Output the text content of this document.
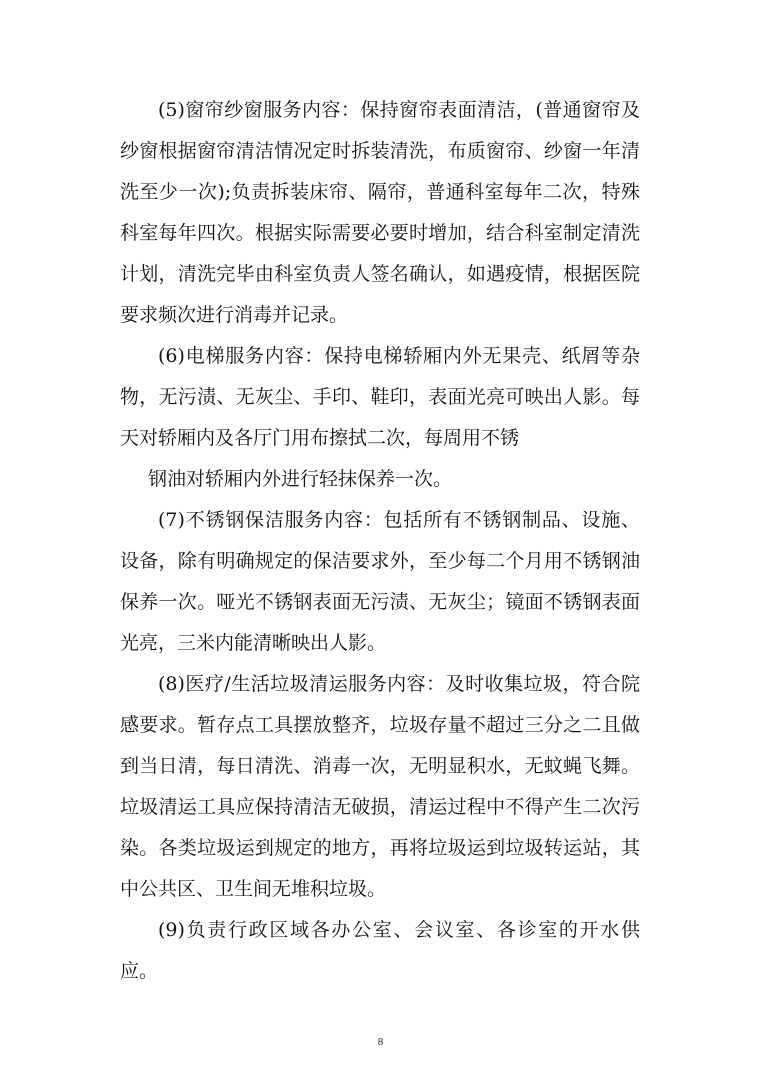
(5)窗帘纱窗服务内容：保持窗帘表面清洁，(普通窗帘及纱窗根据窗帘清洁情况定时拆装清洗，布质窗帘、纱窗一年清洗至少一次);负责拆装床帘、隔帘，普通科室每年二次，特殊科室每年四次。根据实际需要必要时增加，结合科室制定清洗计划，清洗完毕由科室负责人签名确认，如遇疫情，根据医院要求频次进行消毒并记录。

(6)电梯服务内容：保持电梯轿厢内外无果壳、纸屑等杂物，无污渍、无灰尘、手印、鞋印，表面光亮可映出人影。每天对轿厢内及各厅门用布擦拭二次，每周用不锈

钢油对轿厢内外进行轻抹保养一次。

(7)不锈钢保洁服务内容：包括所有不锈钢制品、设施、设备，除有明确规定的保洁要求外，至少每二个月用不锈钢油保养一次。哑光不锈钢表面无污渍、无灰尘；镜面不锈钢表面光亮，三米内能清晰映出人影。

(8)医疗/生活垃圾清运服务内容：及时收集垃圾，符合院感要求。暂存点工具摆放整齐，垃圾存量不超过三分之二且做到当日清，每日清洗、消毒一次，无明显积水，无蚊蝇飞舞。垃圾清运工具应保持清洁无破损，清运过程中不得产生二次污染。各类垃圾运到规定的地方，再将垃圾运到垃圾转运站，其中公共区、卫生间无堆积垃圾。

(9)负责行政区域各办公室、会议室、各诊室的开水供应。

8
